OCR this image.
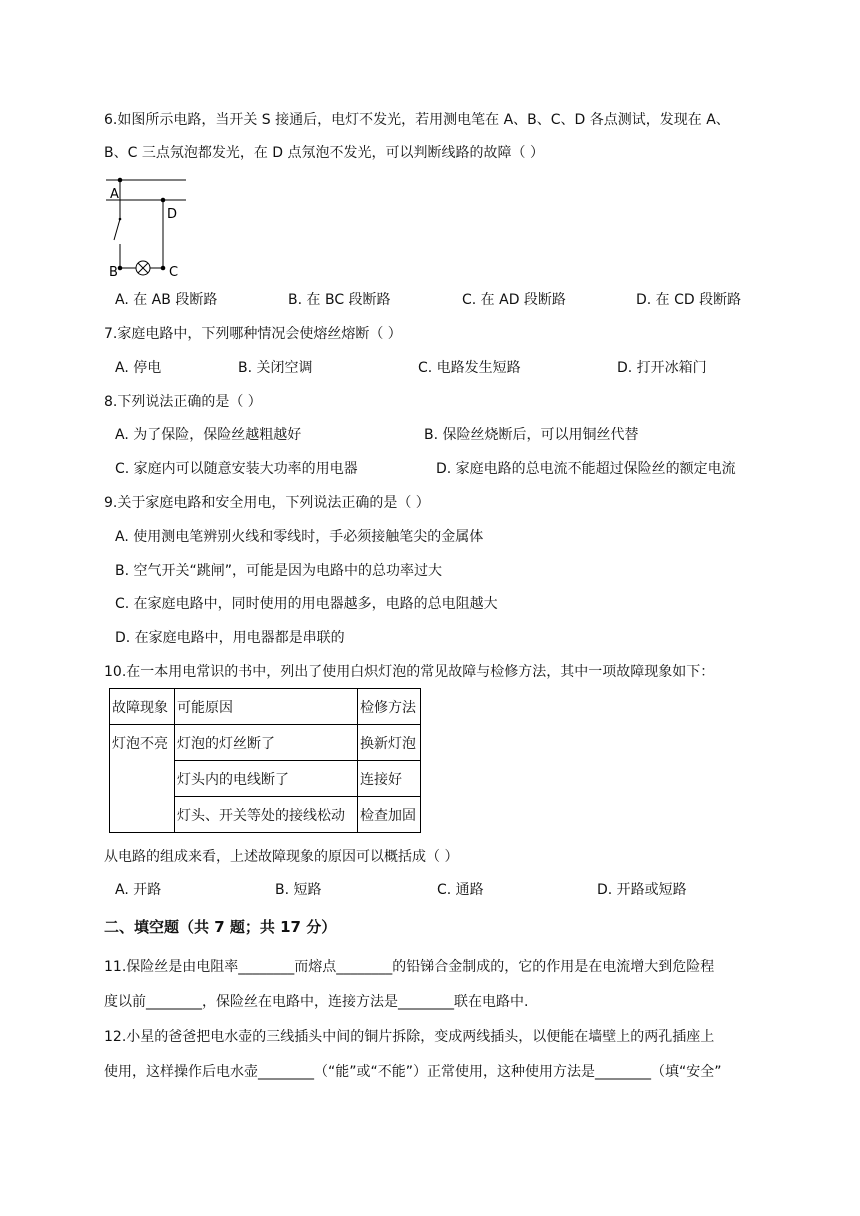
6.如图所示电路，当开关 S 接通后，电灯不发光，若用测电笔在 A、B、C、D 各点测试，发现在 A、
B、C 三点氖泡都发光，在 D 点氖泡不发光，可以判断线路的故障（ ）
A
D
B	C
A. 在 AB 段断路	B. 在 BC 段断路	C. 在 AD 段断路	D. 在 CD 段断路
7.家庭电路中，下列哪种情况会使熔丝熔断（ ）
A. 停电	B. 关闭空调	C. 电路发生短路	D. 打开冰箱门
8.下列说法正确的是（ ）
A. 为了保险，保险丝越粗越好	B. 保险丝烧断后，可以用铜丝代替
C. 家庭内可以随意安装大功率的用电器	D. 家庭电路的总电流不能超过保险丝的额定电流
9.关于家庭电路和安全用电，下列说法正确的是（ ）
A. 使用测电笔辨别火线和零线时，手必须接触笔尖的金属体
B. 空气开关“跳闸”，可能是因为电路中的总功率过大
C. 在家庭电路中，同时使用的用电器越多，电路的总电阻越大
D. 在家庭电路中，用电器都是串联的
10.在一本用电常识的书中，列出了使用白炽灯泡的常见故障与检修方法，其中一项故障现象如下：
故障现象	可能原因	检修方法
灯泡不亮	灯泡的灯丝断了	换新灯泡
	灯头内的电线断了	连接好
	灯头、开关等处的接线松动	检查加固
从电路的组成来看，上述故障现象的原因可以概括成（ ）
A. 开路	B. 短路	C. 通路	D. 开路或短路
二、填空题（共 7 题；共 17 分）
11.保险丝是由电阻率________而熔点________的铅锑合金制成的，它的作用是在电流增大到危险程
度以前________，保险丝在电路中，连接方法是________联在电路中.
12.小星的爸爸把电水壶的三线插头中间的铜片拆除，变成两线插头，以便能在墙壁上的两孔插座上
使用，这样操作后电水壶________（“能”或“不能”）正常使用，这种使用方法是________（填“安全”
